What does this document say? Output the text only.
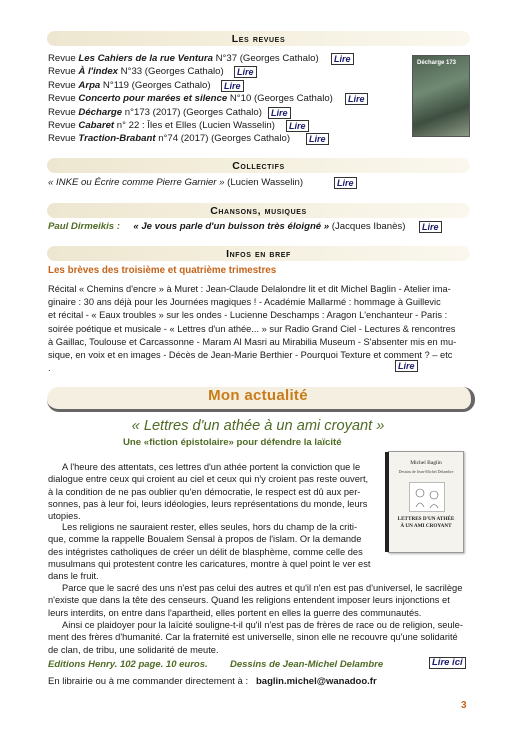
Les revues
Revue Les Cahiers de la rue Ventura N°37 (Georges Cathalo)	Lire
Revue À l'index N°33 (Georges Cathalo)	Lire
Revue Arpa N°119 (Georges Cathalo)	Lire
Revue Concerto pour marées et silence N°10 (Georges Cathalo)	Lire
Revue Décharge n°173 (2017) (Georges Cathalo)	Lire
Revue Cabaret n° 22 : Îles et Elles (Lucien Wasselin)	Lire
Revue Traction-Brabant n°74 (2017) (Georges Cathalo)	Lire
Décharge 173
Collectifs
« INKE ou Écrire comme Pierre Garnier » (Lucien Wasselin)	Lire
Chansons, musiques
Paul Dirmeikis : « Je vous parle d'un buisson très éloigné » (Jacques Ibanès)	Lire
Infos en bref
Les brèves des troisième et quatrième trimestres
Récital « Chemins d'encre » à Muret : Jean-Claude Delalondre lit et dit Michel Baglin - Atelier ima-
ginaire : 30 ans déjà pour les Journées magiques ! - Académie Mallarmé : hommage à Guillevic
et récital - « Eaux troubles » sur les ondes - Lucienne Deschamps : Aragon L'enchanteur - Paris :
soirée poétique et musicale - « Lettres d'un athée... » sur Radio Grand Ciel - Lectures & rencontres
à Gaillac, Toulouse et Carcassonne - Maram Al Masri au Mirabilia Museum - S'absenter mis en mu-
sique, en voix et en images - Décès de Jean-Marie Berthier - Pourquoi Texture et comment ? – etc
.	Lire
Mon actualité
« Lettres d'un athée à un ami croyant »
Une «fiction épistolaire» pour défendre la laïcité
A l'heure des attentats, ces lettres d'un athée portent la conviction que le
dialogue entre ceux qui croient au ciel et ceux qui n'y croient pas reste ouvert,
à la condition de ne pas oublier qu'en démocratie, le respect est dû aux per-
sonnes, pas à leur foi, leurs idéologies, leurs représentations du monde, leurs
utopies.
Les religions ne sauraient rester, elles seules, hors du champ de la criti-
que, comme la rappelle Boualem Sensal à propos de l'islam. Or la demande
des intégristes catholiques de créer un délit de blasphème, comme celle des
musulmans qui protestent contre les caricatures, montre à quel point le ver est
dans le fruit.
Parce que le sacré des uns n'est pas celui des autres et qu'il n'en est pas d'universel, le sacrilège
n'existe que dans la tête des censeurs. Quand les religions entendent imposer leurs injonctions et
leurs interdits, on entre dans l'apartheid, elles portent en elles la guerre des communautés.
Ainsi ce plaidoyer pour la laïcité souligne-t-il qu'il n'est pas de frères de race ou de religion, seule-
ment des frères d'humanité. Car la fraternité est universelle, sinon elle ne recouvre qu'une solidarité
de clan, de tribu, une solidarité de meute.
Michel Baglin
Dessins de Jean-Michel Delambre
LETTRES D'UN ATHÉE
À UN AMI CROYANT
Editions Henry. 102 page. 10 euros. Dessins de Jean-Michel Delambre	Lire ici
En librairie ou à me commander directement à : baglin.michel@wanadoo.fr
3
